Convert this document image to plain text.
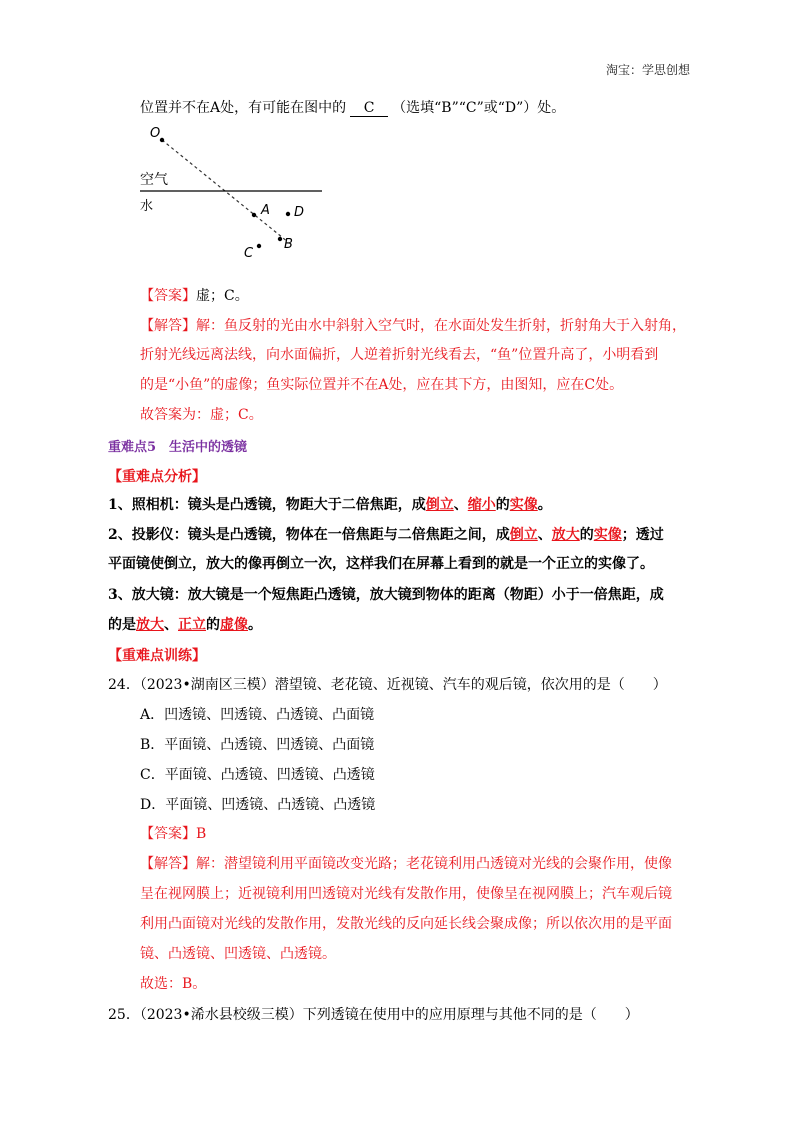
淘宝：学思创想
位置并不在A处，有可能在图中的 C （选填“B”“C”或“D”）处。
O
A D
B
C
空气
水
【答案】虚；C。
【解答】解：鱼反射的光由水中斜射入空气时，在水面处发生折射，折射角大于入射角，
折射光线远离法线，向水面偏折，人逆着折射光线看去，“鱼”位置升高了，小明看到
的是“小鱼”的虚像；鱼实际位置并不在A处，应在其下方，由图知，应在C处。
故答案为：虚；C。
重难点5　生活中的透镜
【重难点分析】
1、照相机：镜头是凸透镜，物距大于二倍焦距，成倒立、缩小的实像。
2、投影仪：镜头是凸透镜，物体在一倍焦距与二倍焦距之间，成倒立、放大的实像；透过
平面镜使倒立，放大的像再倒立一次，这样我们在屏幕上看到的就是一个正立的实像了。
3、放大镜：放大镜是一个短焦距凸透镜，放大镜到物体的距离（物距）小于一倍焦距，成
的是放大、正立的虚像。
【重难点训练】
24．（2023•湖南区三模）潜望镜、老花镜、近视镜、汽车的观后镜，依次用的是（　　）
A．凹透镜、凹透镜、凸透镜、凸面镜
B．平面镜、凸透镜、凹透镜、凸面镜
C．平面镜、凸透镜、凹透镜、凸透镜
D．平面镜、凹透镜、凸透镜、凸透镜
【答案】B
【解答】解：潜望镜利用平面镜改变光路；老花镜利用凸透镜对光线的会聚作用，使像
呈在视网膜上；近视镜利用凹透镜对光线有发散作用，使像呈在视网膜上；汽车观后镜
利用凸面镜对光线的发散作用，发散光线的反向延长线会聚成像；所以依次用的是平面
镜、凸透镜、凹透镜、凸透镜。
故选：B。
25．（2023•浠水县校级三模）下列透镜在使用中的应用原理与其他不同的是（　　）
